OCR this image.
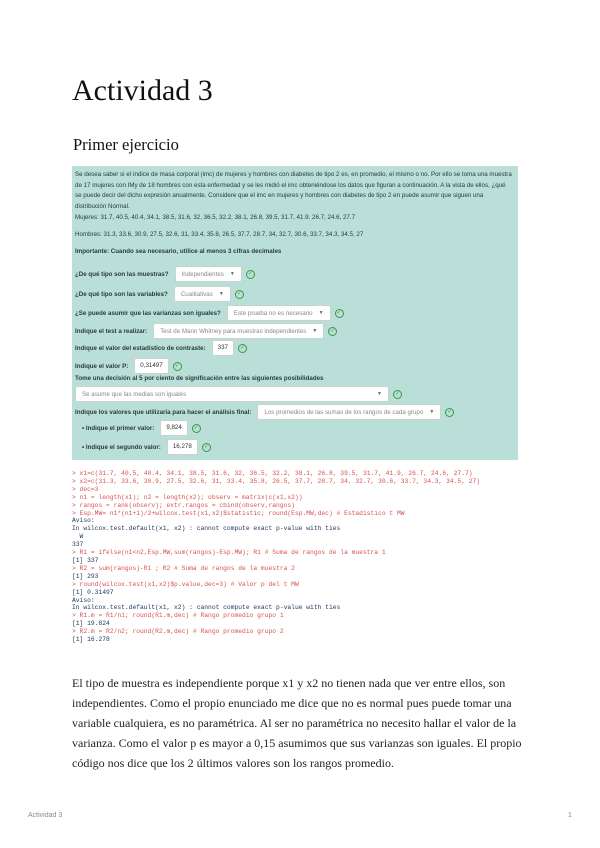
Actividad 3
Primer ejercicio
Se desea saber si el índice de masa corporal (imc) de mujeres y hombres con diabetes de tipo 2 es, en promedio, el mismo o no. Por ello se toma una muestra de 17 mujeres con IMy de 18 hombres con esta enfermedad y se les midió el imc obteniéndose los datos que figuran a continuación. A la vista de ellos, ¿qué se puede decir del dicho expresión anualmente. Considere que el imc en mujeres y hombres con diabetes de tipo 2 en puede asumir que siguen una distribución Normal.
Mujeres: 31.7, 40.5, 40.4, 34.1, 38.5, 31.6, 32, 36.5, 32.2, 38.1, 26.8, 39.5, 31.7, 41.9, 26.7, 24.6, 27.7
Hombres: 31.3, 33.6, 30.9, 27.5, 32.6, 31, 33.4, 35.8, 26.5, 37.7, 28.7, 34, 32.7, 30.6, 33.7, 34.3, 34.5, 27
Importante: Cuando sea necesario, utilice al menos 3 cifras decimales
¿De qué tipo son las muestras? Independientes ▼	✓
¿De qué tipo son las variables? Cualitativas ▼	✓
¿Se puede asumir que las varianzas son iguales? Este prueba no es necesario ▼	✓
Indique el test a realizar: Test de Mann Whitney para muestras independientes ▼	✓
Indique el valor del estadístico de contraste:	337	✓
Indique el valor P:	0,31497	✓
Tome una decisión al 5 por ciento de significación entre las siguientes posibilidades
Se asume que las medias son iguales	▼	✓
Indique los valores que utilizaría para hacer el análisis final: Los promedios de las sumas de los rangos de cada grupo ▼	✓
• Indique el primer valor:	9,824	✓
• Indique el segundo valor:	16,278	✓
> x1=c(31.7, 40.5, 40.4, 34.1, 38.5, 31.6, 32, 36.5, 32.2, 38.1, 26.8, 39.5, 31.7, 41.9, 26.7, 24.6, 27.7)
> x2=c(31.3, 33.6, 30.9, 27.5, 32.6, 31, 33.4, 35.8, 26.5, 37.7, 28.7, 34, 32.7, 30.6, 33.7, 34.3, 34.5, 27)
> dec=3
> n1 = length(x1); n2 = length(x2); observ = matrix(c(x1,x2))
> rangos = rank(observ); extr.rangos = cbind(observ,rangos)
> Esp.MW= n1*(n1+1)/2+wilcox.test(x1,x2)$statistic; round(Esp.MW,dec) # Estadistico t MW
Aviso:
In wilcox.test.default(x1, x2) : cannot compute exact p-value with ties
W
337
> R1 = ifelse(n1<n2,Esp.MW,sum(rangos)-Esp.MW); R1 # Suma de rangos de la muestra 1
[1] 337
> R2 = sum(rangos)-R1 ; R2 # Suma de rangos de la muestra 2
[1] 293
> round(wilcox.test(x1,x2)$p.value,dec=3) # Valor p del t MW
[1] 0.31497
Aviso:
In wilcox.test.default(x1, x2) : cannot compute exact p-value with ties
> R1.m = R1/n1; round(R1.m,dec) # Rango promedio grupo 1
[1] 19.824
> R2.m = R2/n2; round(R2.m,dec) # Rango promedio grupo 2
[1] 16.278

El tipo de muestra es independiente porque x1 y x2 no tienen nada que ver entre ellos, son independientes. Como el propio enunciado me dice que no es normal pues puede tomar una variable cualquiera, es no paramétrica. Al ser no paramétrica no necesito hallar el valor de la varianza. Como el valor p es mayor a 0,15 asumimos que sus varianzas son iguales. El propio código nos dice que los 2 últimos valores son los rangos promedio.

Actividad 3	1
